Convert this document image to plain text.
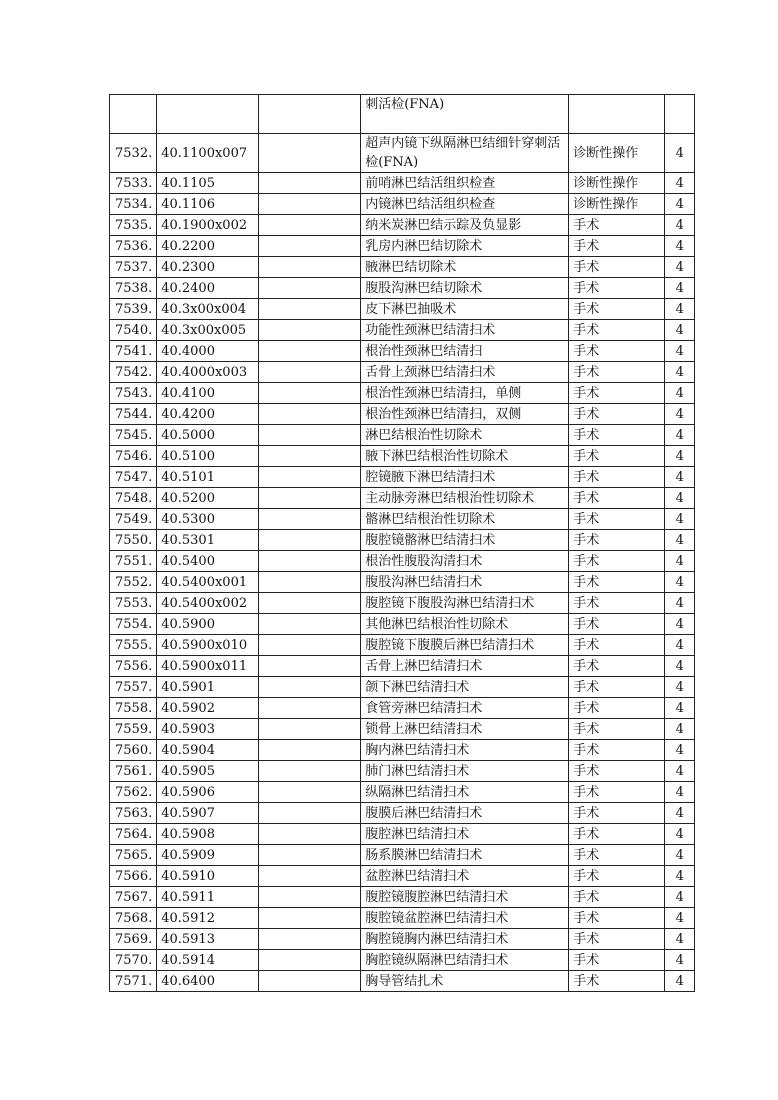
			刺活检(FNA)		
7532.	40.1100x007		超声内镜下纵隔淋巴结细针穿刺活检(FNA)	诊断性操作	4
7533.	40.1105		前哨淋巴结活组织检查	诊断性操作	4
7534.	40.1106		内镜淋巴结活组织检查	诊断性操作	4
7535.	40.1900x002		纳米炭淋巴结示踪及负显影	手术	4
7536.	40.2200		乳房内淋巴结切除术	手术	4
7537.	40.2300		腋淋巴结切除术	手术	4
7538.	40.2400		腹股沟淋巴结切除术	手术	4
7539.	40.3x00x004		皮下淋巴抽吸术	手术	4
7540.	40.3x00x005		功能性颈淋巴结清扫术	手术	4
7541.	40.4000		根治性颈淋巴结清扫	手术	4
7542.	40.4000x003		舌骨上颈淋巴结清扫术	手术	4
7543.	40.4100		根治性颈淋巴结清扫，单侧	手术	4
7544.	40.4200		根治性颈淋巴结清扫，双侧	手术	4
7545.	40.5000		淋巴结根治性切除术	手术	4
7546.	40.5100		腋下淋巴结根治性切除术	手术	4
7547.	40.5101		腔镜腋下淋巴结清扫术	手术	4
7548.	40.5200		主动脉旁淋巴结根治性切除术	手术	4
7549.	40.5300		髂淋巴结根治性切除术	手术	4
7550.	40.5301		腹腔镜髂淋巴结清扫术	手术	4
7551.	40.5400		根治性腹股沟清扫术	手术	4
7552.	40.5400x001		腹股沟淋巴结清扫术	手术	4
7553.	40.5400x002		腹腔镜下腹股沟淋巴结清扫术	手术	4
7554.	40.5900		其他淋巴结根治性切除术	手术	4
7555.	40.5900x010		腹腔镜下腹膜后淋巴结清扫术	手术	4
7556.	40.5900x011		舌骨上淋巴结清扫术	手术	4
7557.	40.5901		颌下淋巴结清扫术	手术	4
7558.	40.5902		食管旁淋巴结清扫术	手术	4
7559.	40.5903		锁骨上淋巴结清扫术	手术	4
7560.	40.5904		胸内淋巴结清扫术	手术	4
7561.	40.5905		肺门淋巴结清扫术	手术	4
7562.	40.5906		纵隔淋巴结清扫术	手术	4
7563.	40.5907		腹膜后淋巴结清扫术	手术	4
7564.	40.5908		腹腔淋巴结清扫术	手术	4
7565.	40.5909		肠系膜淋巴结清扫术	手术	4
7566.	40.5910		盆腔淋巴结清扫术	手术	4
7567.	40.5911		腹腔镜腹腔淋巴结清扫术	手术	4
7568.	40.5912		腹腔镜盆腔淋巴结清扫术	手术	4
7569.	40.5913		胸腔镜胸内淋巴结清扫术	手术	4
7570.	40.5914		胸腔镜纵隔淋巴结清扫术	手术	4
7571.	40.6400		胸导管结扎术	手术	4
